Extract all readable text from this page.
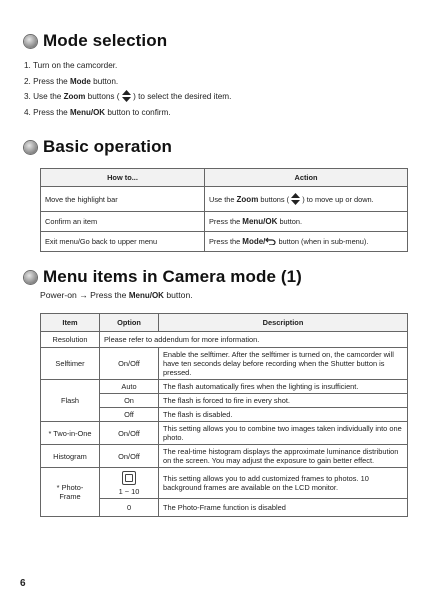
Mode selection
1. Turn on the camcorder.
2. Press the Mode button.
3. Use the Zoom buttons (  ) to select the desired item.
4. Press the Menu/OK button to confirm.
Basic operation
How to...	Action
Move the highlight bar	Use the Zoom buttons (  ) to move up or down.
Confirm an item	Press the Menu/OK button.
Exit menu/Go back to upper menu	Press the Mode/ button (when in sub-menu).
Menu items in Camera mode (1)
Power-on → Press the Menu/OK button.
Item	Option	Description
Resolution	Please refer to addendum for more information.	
Selftimer	On/Off	Enable the selftimer. After the selftimer is turned on, the camcorder will have ten seconds delay before recording when the Shutter button is pressed.
Flash	Auto	The flash automatically fires when the lighting is insufficient.
	On	The flash is forced to fire in every shot.
	Off	The flash is disabled.
* Two-in-One	On/Off	This setting allows you to combine two images taken individually into one photo.
Histogram	On/Off	The real-time histogram displays the approximate luminance distribution on the screen. You may adjust the exposure to gain better effect.

* Photo-
Frame	1 ~ 10	This setting allows you to add customized frames to photos. 10 background frames are available on the LCD monitor.
	0	The Photo-Frame function is disabled
6
